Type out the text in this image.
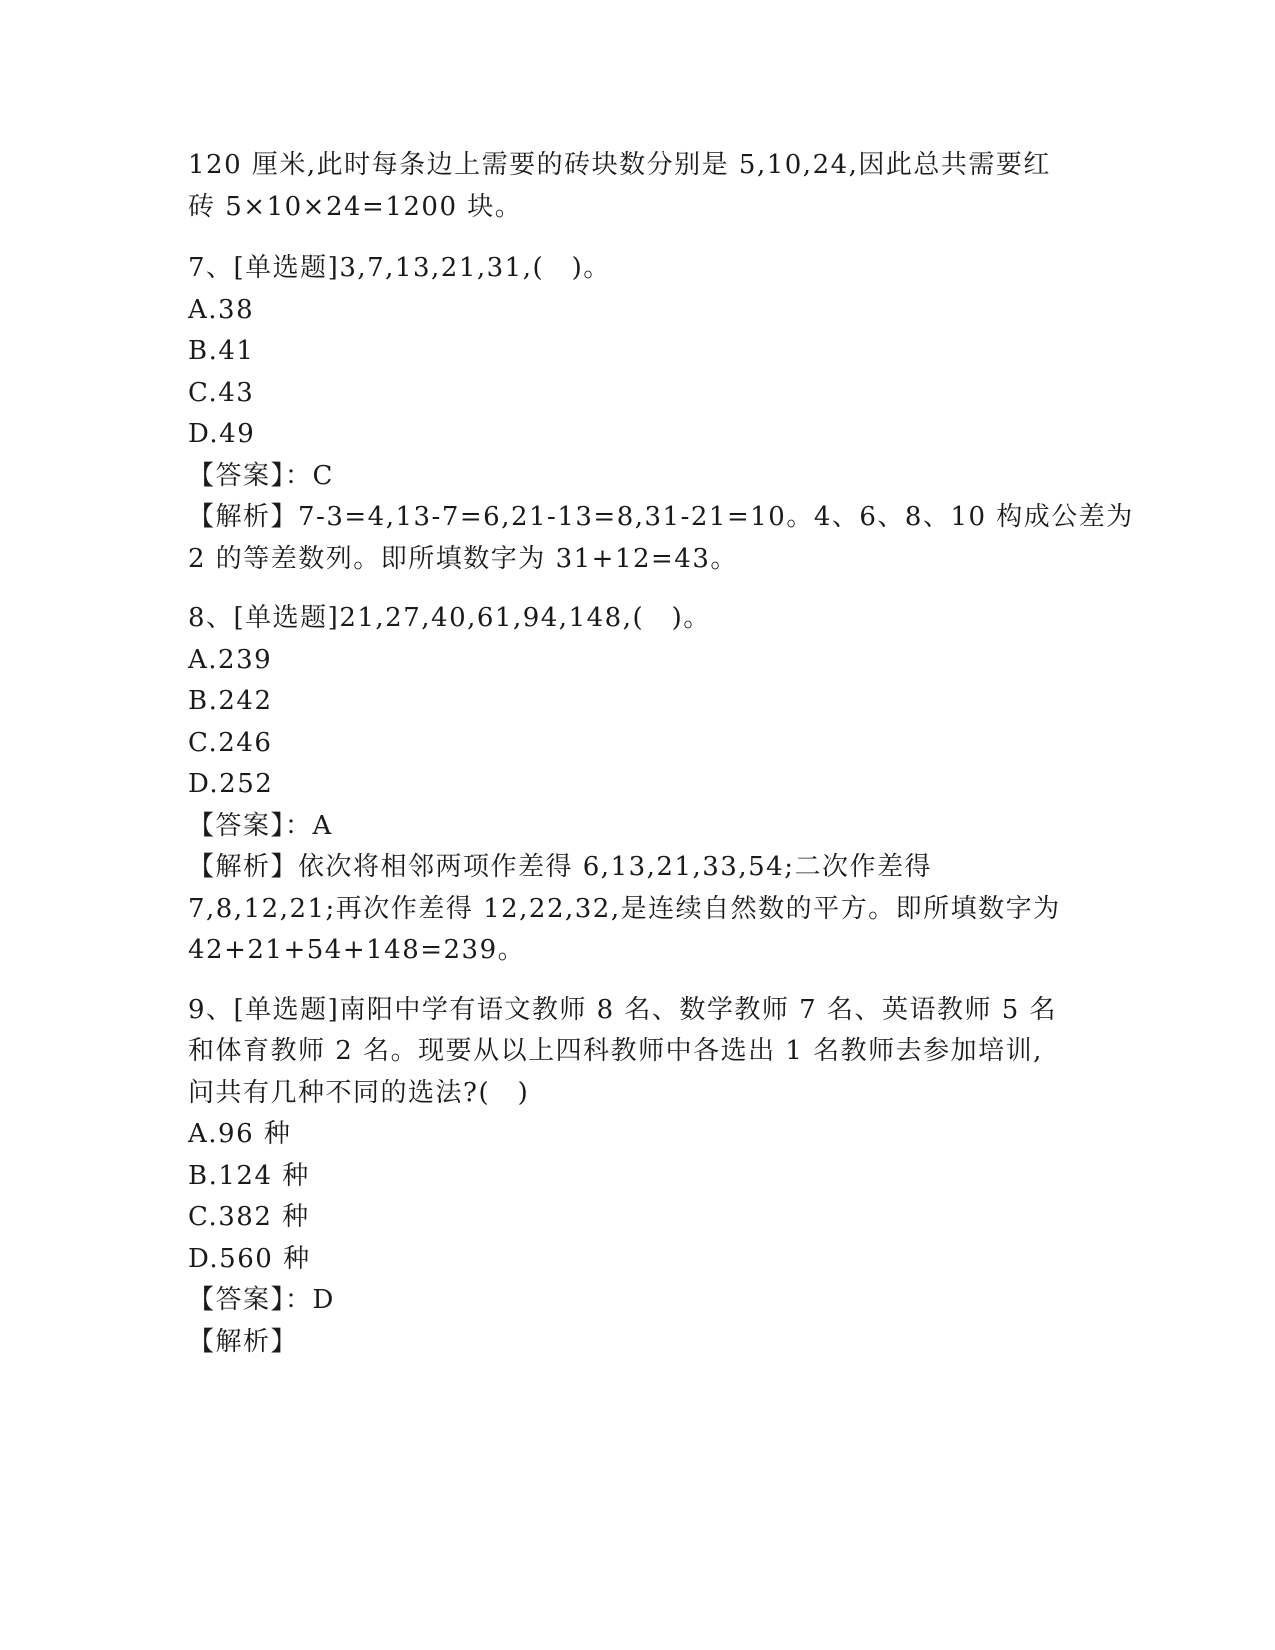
120 厘米,此时每条边上需要的砖块数分别是 5,10,24,因此总共需要红
砖 5×10×24=1200 块。
7、[单选题]3,7,13,21,31,(　)。
A.38
B.41
C.43
D.49
【答案】：C
【解析】7-3=4,13-7=6,21-13=8,31-21=10。4、6、8、10 构成公差为
2 的等差数列。即所填数字为 31+12=43。
8、[单选题]21,27,40,61,94,148,(　)。
A.239
B.242
C.246
D.252
【答案】：A
【解析】依次将相邻两项作差得 6,13,21,33,54;二次作差得
7,8,12,21;再次作差得 12,22,32,是连续自然数的平方。即所填数字为
42+21+54+148=239。
9、[单选题]南阳中学有语文教师 8 名、数学教师 7 名、英语教师 5 名
和体育教师 2 名。现要从以上四科教师中各选出 1 名教师去参加培训,
问共有几种不同的选法?(　)
A.96 种
B.124 种
C.382 种
D.560 种
【答案】：D
【解析】
